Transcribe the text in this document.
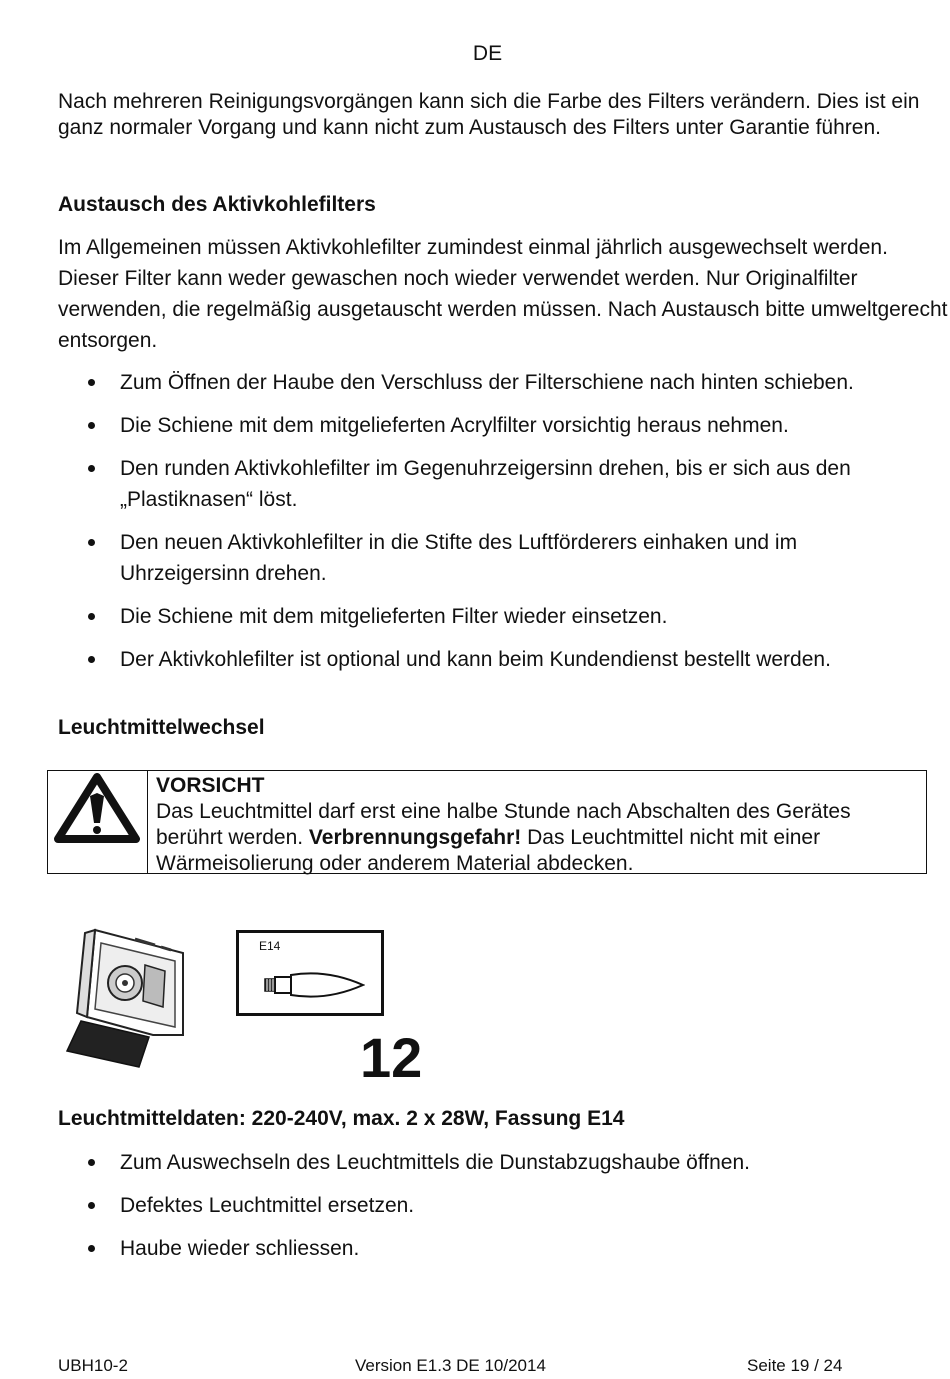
DE
Nach mehreren Reinigungsvorgängen kann sich die Farbe des Filters verändern. Dies ist ein ganz normaler Vorgang und kann nicht zum Austausch des Filters unter Garantie führen.
Austausch des Aktivkohlefilters
Im Allgemeinen müssen Aktivkohlefilter zumindest einmal jährlich ausgewechselt werden. Dieser Filter kann weder gewaschen noch wieder verwendet werden. Nur Originalfilter verwenden, die regelmäßig ausgetauscht werden müssen. Nach Austausch bitte umweltgerecht entsorgen.
Zum Öffnen der Haube den Verschluss der Filterschiene nach hinten schieben.
Die Schiene mit dem mitgelieferten Acrylfilter vorsichtig heraus nehmen.
Den runden Aktivkohlefilter im Gegenuhrzeigersinn drehen, bis er sich aus den „Plastiknasen“ löst.
Den neuen Aktivkohlefilter in die Stifte des Luftförderers einhaken und im Uhrzeigersinn drehen.
Die Schiene mit dem mitgelieferten Filter wieder einsetzen.
Der Aktivkohlefilter ist optional und kann beim Kundendienst bestellt werden.
Leuchtmittelwechsel
VORSICHT
Das Leuchtmittel darf erst eine halbe Stunde nach Abschalten des Gerätes berührt werden. Verbrennungsgefahr! Das Leuchtmittel nicht mit einer Wärmeisolierung oder anderem Material abdecken.
E14
12
Leuchtmitteldaten: 220-240V, max. 2 x 28W, Fassung E14
Zum Auswechseln des Leuchtmittels die Dunstabzugshaube öffnen.
Defektes Leuchtmittel ersetzen.
Haube wieder schliessen.
UBH10-2	Version E1.3 DE 10/2014	Seite 19 / 24
